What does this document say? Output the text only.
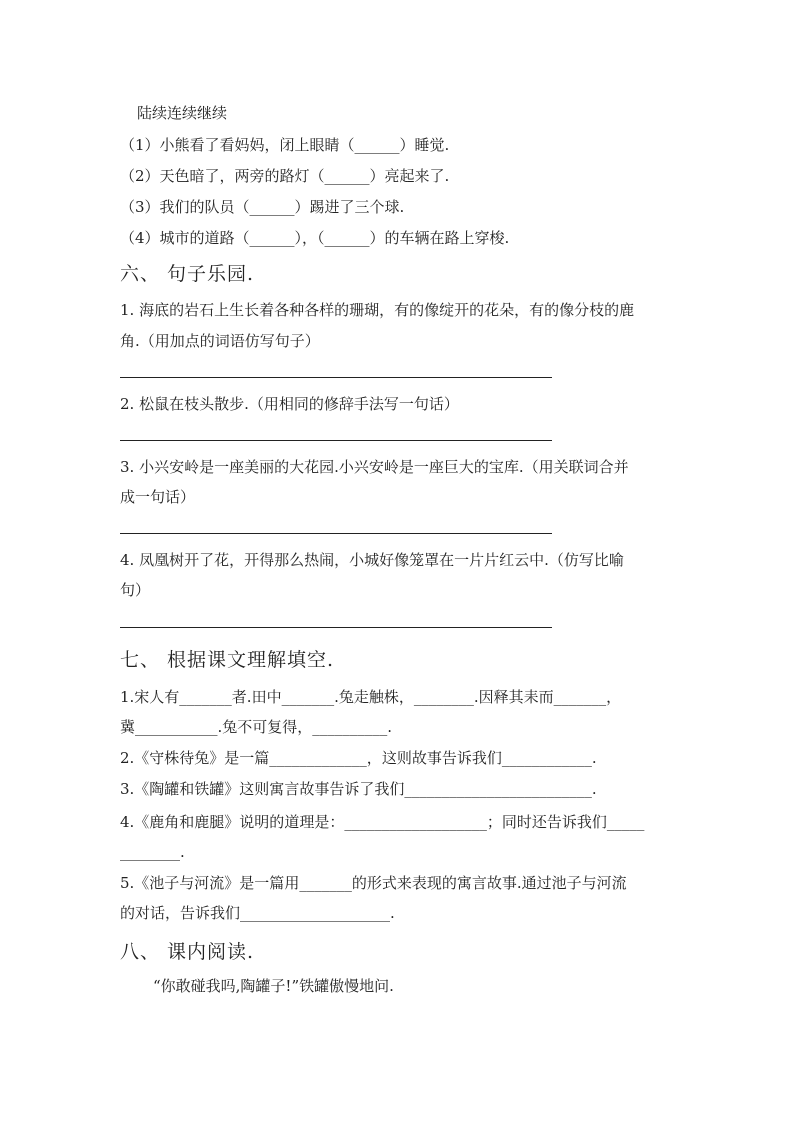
陆续连续继续
（1）小熊看了看妈妈，闭上眼睛（______）睡觉.
（2）天色暗了，两旁的路灯（______）亮起来了.
（3）我们的队员（______）踢进了三个球.
（4）城市的道路（______），（______）的车辆在路上穿梭.
六、 句子乐园.
1. 海底的岩石上生长着各种各样的珊瑚，有的像绽开的花朵，有的像分枝的鹿
角.（用加点的词语仿写句子）
2. 松鼠在枝头散步.（用相同的修辞手法写一句话）
3. 小兴安岭是一座美丽的大花园.小兴安岭是一座巨大的宝库.（用关联词合并
成一句话）
4. 凤凰树开了花，开得那么热闹，小城好像笼罩在一片片红云中.（仿写比喻
句）
七、 根据课文理解填空.
1.宋人有_______者.田中_______.兔走触株，________.因释其耒而_______，
冀___________.兔不可复得，__________.
2.《守株待兔》是一篇_____________，这则故事告诉我们____________.
3.《陶罐和铁罐》这则寓言故事告诉了我们_________________________.
4.《鹿角和鹿腿》说明的道理是：___________________；同时还告诉我们_____
________.
5.《池子与河流》是一篇用_______的形式来表现的寓言故事.通过池子与河流
的对话，告诉我们____________________.
八、 课内阅读.
“你敢碰我吗,陶罐子!”铁罐傲慢地问.
